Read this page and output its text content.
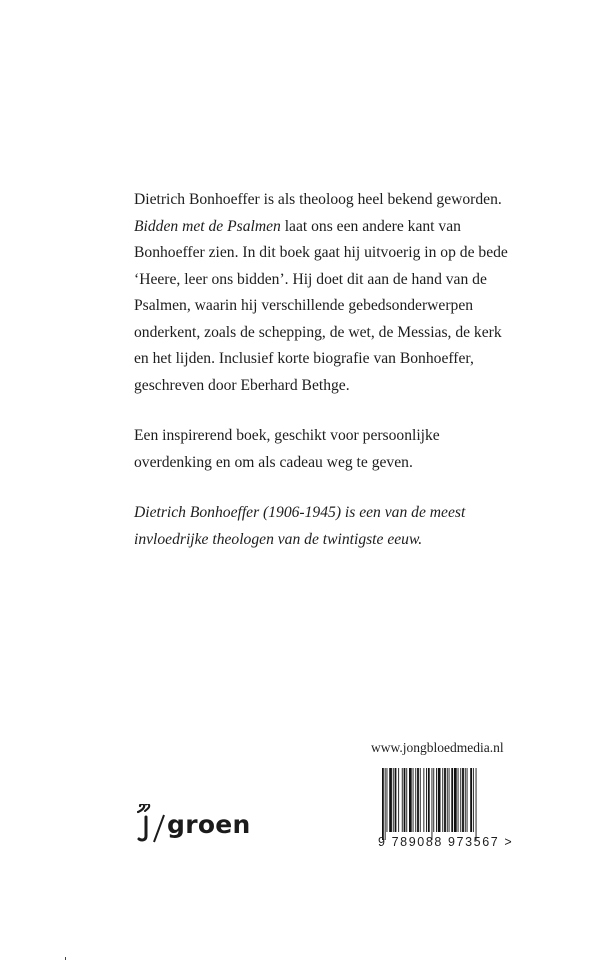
Dietrich Bonhoeffer is als theoloog heel bekend geworden.
Bidden met de Psalmen laat ons een andere kant van Bonhoeffer zien. In dit boek gaat hij uitvoerig in op de bede ‘Heere, leer ons bidden’. Hij doet dit aan de hand van de Psalmen, waarin hij verschillende gebedsonderwerpen onderkent, zoals de schepping, de wet, de Messias, de kerk en het lijden. Inclusief korte biografie van Bonhoeffer, geschreven door Eberhard Bethge.

Een inspirerend boek, geschikt voor persoonlijke overdenking en om als cadeau weg te geven.

Dietrich Bonhoeffer (1906-1945) is een van de meest invloedrijke theologen van de twintigste eeuw.

www.jongbloedmedia.nl
9 789088 973567 >
groen
